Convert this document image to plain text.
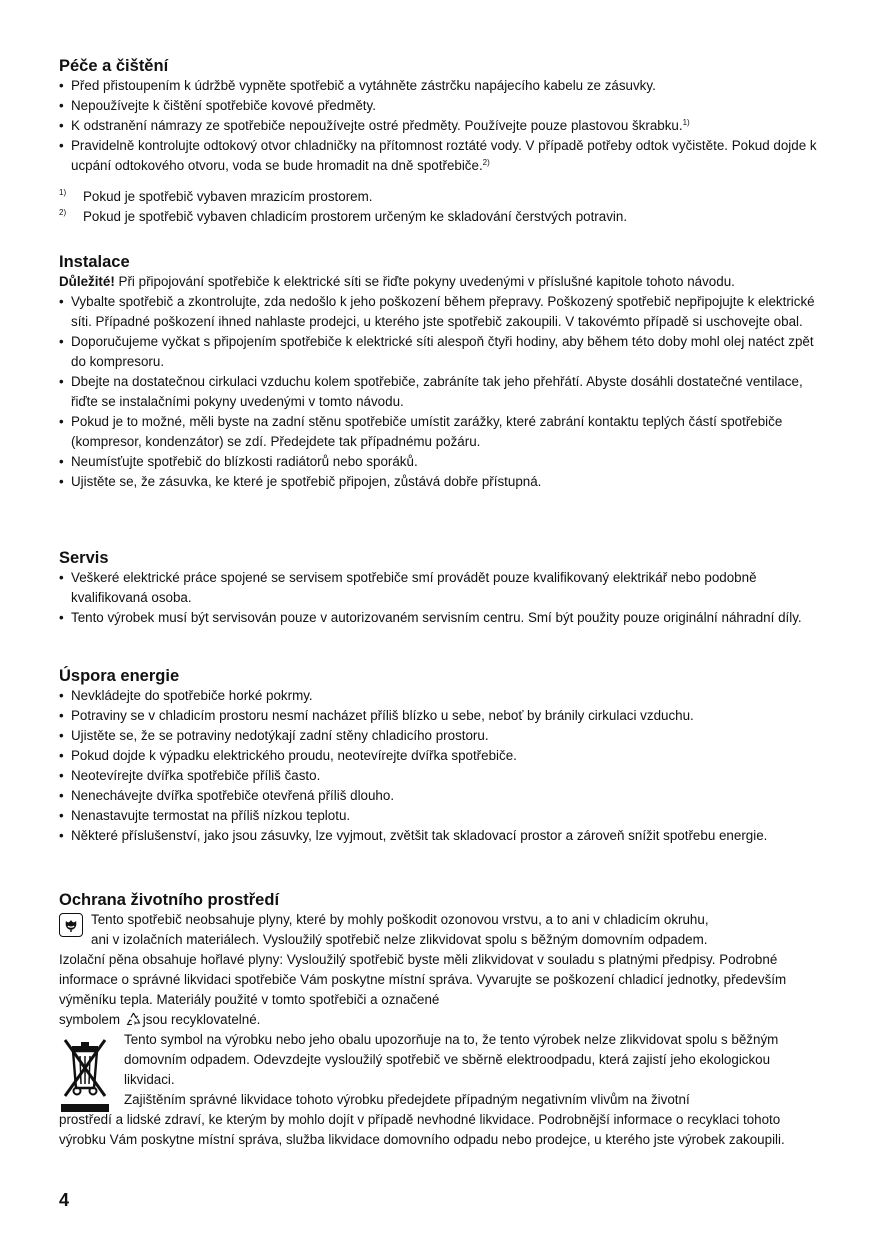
Péče a čištění
• Před přistoupením k údržbě vypněte spotřebič a vytáhněte zástrčku napájecího kabelu ze zásuvky.
• Nepoužívejte k čištění spotřebiče kovové předměty.
• K odstranění námrazy ze spotřebiče nepoužívejte ostré předměty. Používejte pouze plastovou škrabku.$^{1)}$
• Pravidelně kontrolujte odtokový otvor chladničky na přítomnost roztáté vody. V případě potřeby odtok vyčistěte. Pokud dojde k ucpání odtokového otvoru, voda se bude hromadit na dně spotřebiče.$^{2)}$
1)	Pokud je spotřebič vybaven mrazicím prostorem.
2)	Pokud je spotřebič vybaven chladicím prostorem určeným ke skladování čerstvých potravin.
Instalace

Důležité! Při připojování spotřebiče k elektrické síti se řiďte pokyny uvedenými v příslušné kapitole tohoto návodu.

• Vybalte spotřebič a zkontrolujte, zda nedošlo k jeho poškození během přepravy. Poškozený spotřebič nepřipojujte k elektrické síti. Případné poškození ihned nahlaste prodejci, u kterého jste spotřebič zakoupili. V takovémto případě si uschovejte obal.
• Doporučujeme vyčkat s připojením spotřebiče k elektrické síti alespoň čtyři hodiny, aby během této doby mohl olej natéct zpět do kompresoru.
• Dbejte na dostatečnou cirkulaci vzduchu kolem spotřebiče, zabráníte tak jeho přehřátí. Abyste dosáhli dostatečné ventilace, řiďte se instalačními pokyny uvedenými v tomto návodu.
• Pokud je to možné, měli byste na zadní stěnu spotřebiče umístit zarážky, které zabrání kontaktu teplých částí spotřebiče (kompresor, kondenzátor) se zdí. Předejdete tak případnému požáru.
• Neumísťujte spotřebič do blízkosti radiátorů nebo sporáků.
• Ujistěte se, že zásuvka, ke které je spotřebič připojen, zůstává dobře přístupná.
Servis
• Veškeré elektrické práce spojené se servisem spotřebiče smí provádět pouze kvalifikovaný elektrikář nebo podobně kvalifikovaná osoba.
• Tento výrobek musí být servisován pouze v autorizovaném servisním centru. Smí být použity pouze originální náhradní díly.
Úspora energie
• Nevkládejte do spotřebiče horké pokrmy.
• Potraviny se v chladicím prostoru nesmí nacházet příliš blízko u sebe, neboť by bránily cirkulaci vzduchu.
• Ujistěte se, že se potraviny nedotýkají zadní stěny chladicího prostoru.
• Pokud dojde k výpadku elektrického proudu, neotevírejte dvířka spotřebiče.
• Neotevírejte dvířka spotřebiče příliš často.
• Nenechávejte dvířka spotřebiče otevřená příliš dlouho.
• Nenastavujte termostat na příliš nízkou teplotu.
• Některé příslušenství, jako jsou zásuvky, lze vyjmout, zvětšit tak skladovací prostor a zároveň snížit spotřebu energie.
Ochrana životního prostředí

Tento spotřebič neobsahuje plyny, které by mohly poškodit ozonovou vrstvu, a to ani v chladicím okruhu,

ani v izolačních materiálech. Vysloužilý spotřebič nelze zlikvidovat spolu s běžným domovním odpadem.

Izolační pěna obsahuje hořlavé plyny: Vysloužilý spotřebič byste měli zlikvidovat v souladu s platnými předpisy. Podrobné informace o správné likvidaci spotřebiče Vám poskytne místní správa. Vyvarujte se poškození chladicí jednotky, především výměníku tepla. Materiály použité v tomto spotřebiči a označené

symbolem jsou recyklovatelné.

Tento symbol na výrobku nebo jeho obalu upozorňuje na to, že tento výrobek nelze zlikvidovat spolu s běžným domovním odpadem. Odevzdejte vysloužilý spotřebič ve sběrně elektroodpadu, která zajistí jeho ekologickou likvidaci.

Zajištěním správné likvidace tohoto výrobku předejdete případným negativním vlivům na životní

prostředí a lidské zdraví, ke kterým by mohlo dojít v případě nevhodné likvidace. Podrobnější informace o recyklaci tohoto výrobku Vám poskytne místní správa, služba likvidace domovního odpadu nebo prodejce, u kterého jste výrobek zakoupili.

4
